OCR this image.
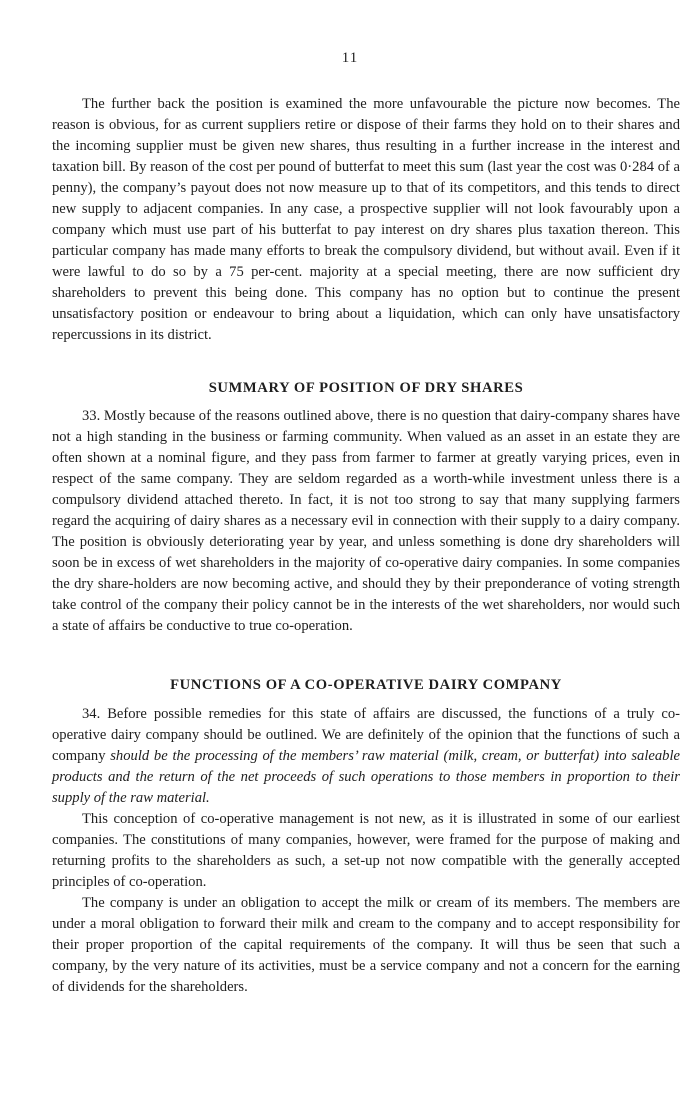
11

The further back the position is examined the more unfavourable the picture now becomes. The reason is obvious, for as current suppliers retire or dispose of their farms they hold on to their shares and the incoming supplier must be given new shares, thus resulting in a further increase in the interest and taxation bill. By reason of the cost per pound of butterfat to meet this sum (last year the cost was 0·284 of a penny), the company’s payout does not now measure up to that of its competitors, and this tends to direct new supply to adjacent companies. In any case, a prospective supplier will not look favourably upon a company which must use part of his butterfat to pay interest on dry shares plus taxation thereon. This particular company has made many efforts to break the compulsory dividend, but without avail. Even if it were lawful to do so by a 75 per-cent. majority at a special meeting, there are now sufficient dry shareholders to prevent this being done. This company has no option but to continue the present unsatisfactory position or endeavour to bring about a liquidation, which can only have unsatisfactory repercussions in its district.

SUMMARY OF POSITION OF DRY SHARES

33. Mostly because of the reasons outlined above, there is no question that dairy-company shares have not a high standing in the business or farming community. When valued as an asset in an estate they are often shown at a nominal figure, and they pass from farmer to farmer at greatly varying prices, even in respect of the same company. They are seldom regarded as a worth-while investment unless there is a compulsory dividend attached thereto. In fact, it is not too strong to say that many supplying farmers regard the acquiring of dairy shares as a necessary evil in connection with their supply to a dairy company. The position is obviously deteriorating year by year, and unless something is done dry shareholders will soon be in excess of wet shareholders in the majority of co-operative dairy companies. In some companies the dry share-holders are now becoming active, and should they by their preponderance of voting strength take control of the company their policy cannot be in the interests of the wet shareholders, nor would such a state of affairs be conductive to true co-operation.

FUNCTIONS OF A CO-OPERATIVE DAIRY COMPANY

34. Before possible remedies for this state of affairs are discussed, the functions of a truly co-operative dairy company should be outlined. We are definitely of the opinion that the functions of such a company should be the processing of the members’ raw material (milk, cream, or butterfat) into saleable products and the return of the net proceeds of such operations to those members in proportion to their supply of the raw material.

This conception of co-operative management is not new, as it is illustrated in some of our earliest companies. The constitutions of many companies, however, were framed for the purpose of making and returning profits to the shareholders as such, a set-up not now compatible with the generally accepted principles of co-operation.

The company is under an obligation to accept the milk or cream of its members. The members are under a moral obligation to forward their milk and cream to the company and to accept responsibility for their proper proportion of the capital requirements of the company. It will thus be seen that such a company, by the very nature of its activities, must be a service company and not a concern for the earning of dividends for the shareholders.
